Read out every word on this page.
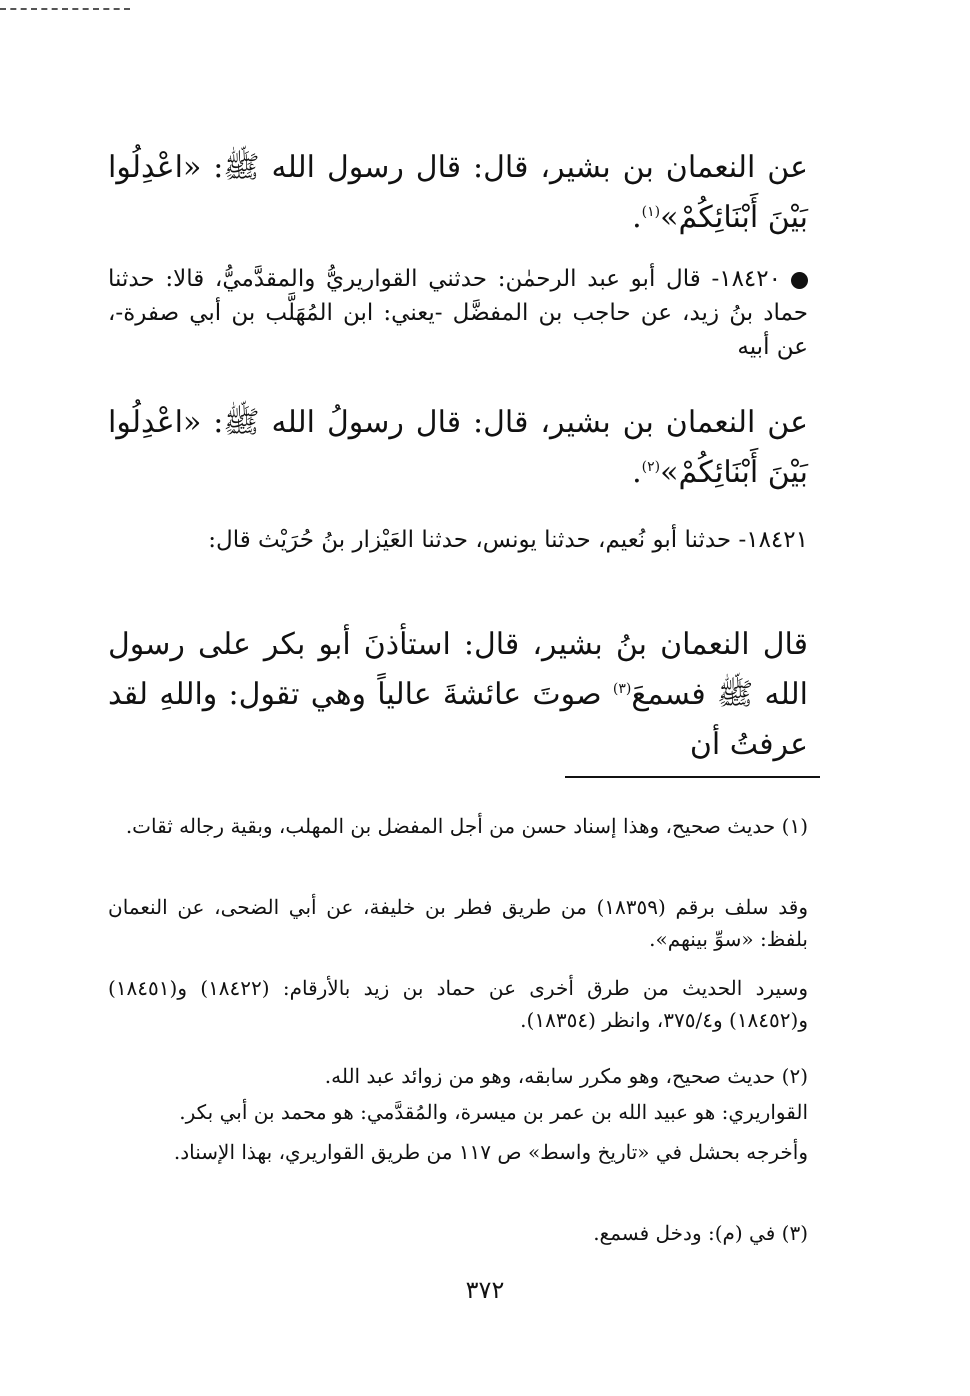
عن النعمان بن بشير، قال: قال رسول الله ﷺ: «اعْدِلُوا بَيْنَ أَبْنَائِكُمْ»$^{(١)}$.
١٨٤٢٠- قال أبو عبد الرحمٰن: حدثني القواريريُّ والمقدَّميُّ، قالا: حدثنا حماد بنُ زيد، عن حاجب بن المفضَّل -يعني: ابن المُهَلَّب بن أبي صفرة-، عن أبيه
عن النعمان بن بشير، قال: قال رسولُ الله ﷺ: «اعْدِلُوا بَيْنَ أَبْنَائِكُمْ»$^{(٢)}$.
١٨٤٢١- حدثنا أبو نُعيم، حدثنا يونس، حدثنا العَيْزار بنُ حُرَيْث قال:
قال النعمان بنُ بشير، قال: استأذنَ أبو بكر على رسول الله ﷺ فسمعَ$^{(٣)}$ صوتَ عائشةَ عالياً وهي تقول: واللهِ لقد عرفتُ أن
(١) حديث صحيح، وهذا إسناد حسن من أجل المفضل بن المهلب، وبقية رجاله ثقات.
وقد سلف برقم (١٨٣٥٩) من طريق فطر بن خليفة، عن أبي الضحى، عن النعمان بلفظ: «سوِّ بينهم».
وسيرد الحديث من طرق أخرى عن حماد بن زيد بالأرقام: (١٨٤٢٢) و(١٨٤٥١) و(١٨٤٥٢) و٣٧٥/٤، وانظر (١٨٣٥٤).
(٢) حديث صحيح، وهو مكرر سابقه، وهو من زوائد عبد الله.
القواريري: هو عبيد الله بن عمر بن ميسرة، والمُقدَّمي: هو محمد بن أبي بكر.
وأخرجه بحشل في «تاريخ واسط» ص ١١٧ من طريق القواريري، بهذا الإسناد.
(٣) في (م): ودخل فسمع.
٣٧٢
